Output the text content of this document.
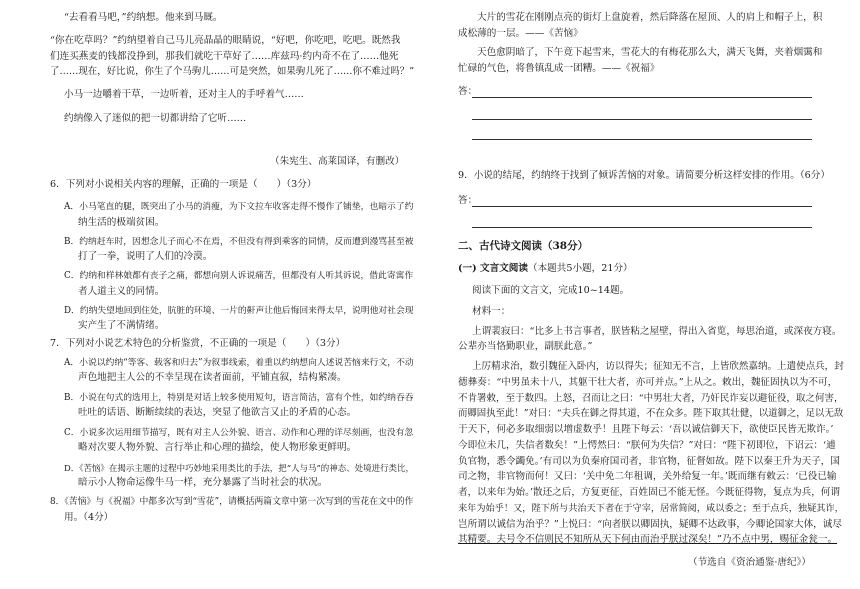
“去看看马吧，”约纳想。他来到马厩。
“你在吃草吗？”约纳望着自己马儿亮晶晶的眼睛说，“好吧，你吃吧，吃吧。既然我
们连买燕麦的钱都没挣到，那我们就吃干草好了……库兹玛·约内奇不在了……他死
了……现在，好比说，你生了个马驹儿……可是突然，如果驹儿死了……你不难过吗？”
小马一边嚼着干草，一边听着，还对主人的手呼着气……
约纳像入了迷似的把一切都讲给了它听……
（朱宪生、高莱国译，有删改）
6．下列对小说相关内容的理解，正确的一项是（　　）（3分）
A．小马笔直的腿，既突出了小马的消瘦，为下文拉车收客走得不慢作了铺垫，也暗示了约
纳生活的极端贫困。
B．约纳赶车时，因想念儿子而心不在焉，不但没有得到乘客的同情，反而遭到漫骂甚至被
打了一拳，说明了人们的冷漠。
C．约纳和样林娘都有丧子之痛，都想向别人诉说痛苦，但都没有人听其诉说，借此寄寓作
者人道主义的同情。
D．约纳失望地回到住处，肮脏的环境、一片的鼾声让他后悔回来得太早，说明他对社会现
实产生了不满情绪。
7．下列对小说艺术特色的分析鉴赏，不正确的一项是（　　）（3分）
A．小说以约纳“等客、载客和归去”为叙事线索，着重以约纳想向人述说苦恼来行文，不动
声色地把主人公的不幸呈现在读者面前，平铺直叙，结构紧凑。
B．小说在句式的选用上，特别是对话上较多使用短句，语言简洁，富有个性，如约纳吞吞
吐吐的话语、断断续续的表达，突显了他欲言又止的矛盾的心态。
C．小说多次运用细节描写，既有对主人公外貌、语言、动作和心理的详尽刻画，也没有忽
略对次要人物外貌、言行举止和心理的描绘，使人物形象更鲜明。
D．《苦恼》在揭示主题的过程中巧妙地采用类比的手法，把“人与马”的神态、处境进行类比，
暗示小人物命运像牛马一样，充分暴露了当时社会的状况。
8．《苦恼》与《祝福》中都多次写到“雪花”，请概括两篇文章中第一次写到的雪花在文中的作
用。（4分）
大片的雪花在刚刚点亮的街灯上盘旋着，然后降落在屋顶、人的肩上和帽子上，积
成松薄的一层。——《苦恼》
天色愈阴暗了，下午竟下起雪来，雪花大的有梅花那么大，满天飞舞，夹着烟霭和
忙碌的气色，将鲁镇乱成一团糟。——《祝福》
答：
9．小说的结尾，约纳终于找到了倾诉苦恼的对象。请简要分析这样安排的作用。（6分）
答：
二、古代诗文阅读（38分）
(一) 文言文阅读（本题共5小题，21分）
阅读下面的文言文，完成10~14题。
材料一：
上谓裴寂曰：“比多上书言事者，朕皆粘之屋壁，得出入省览，每思治道，或深夜方寝。
公辈亦当恪勤职业，副朕此意。”
上厉精求治，数引魏征入卧内，访以得失；征知无不言，上皆欣然嘉纳。上遣使点兵，封
德彝奏：“中男虽未十八，其躯干壮大者，亦可并点。”上从之。敕出，魏征固执以为不可，
不肯署敕，至于数四。上怒，召而让之曰：“中男壮大者，乃奸民诈妄以避征役，取之何害，
而卿固执至此！”对曰：“夫兵在御之得其道，不在众多。陛下取其壮健，以道御之，足以无敌
于天下，何必多取细弱以增虚数乎！且陛下每云：‘吾以诚信御天下，欲使臣民皆无欺诈。’
今即位未几，失信者数矣！”上愕然曰：“朕何为失信？”对曰：“陛下初即位，下诏云：‘逋
负官物，悉令蠲免。’有司以为负秦府国司者，非官物，征督如故。陛下以秦王升为天子，国
司之物，非官物而何！又曰：‘关中免二年租调，关外给复一年。’既而继有敕云：‘已役已输
者，以来年为始。’散还之后，方复更征，百姓固已不能无怪。今既征得物，复点为兵，何谓
来年为始乎！又，陛下所与共治天下者在于守宰，居常简阅，咸以委之；至于点兵，独疑其诈，
岂所谓以诚信为治乎？”上悦曰：“向者朕以卿固执，疑卿不达政事，今卿论国家大体，诚尽
其精要。夫号令不信则民不知所从天下何由而治乎朕过深矣！”乃不点中男，赐征金瓮一。
（节选自《资治通鉴·唐纪》）
